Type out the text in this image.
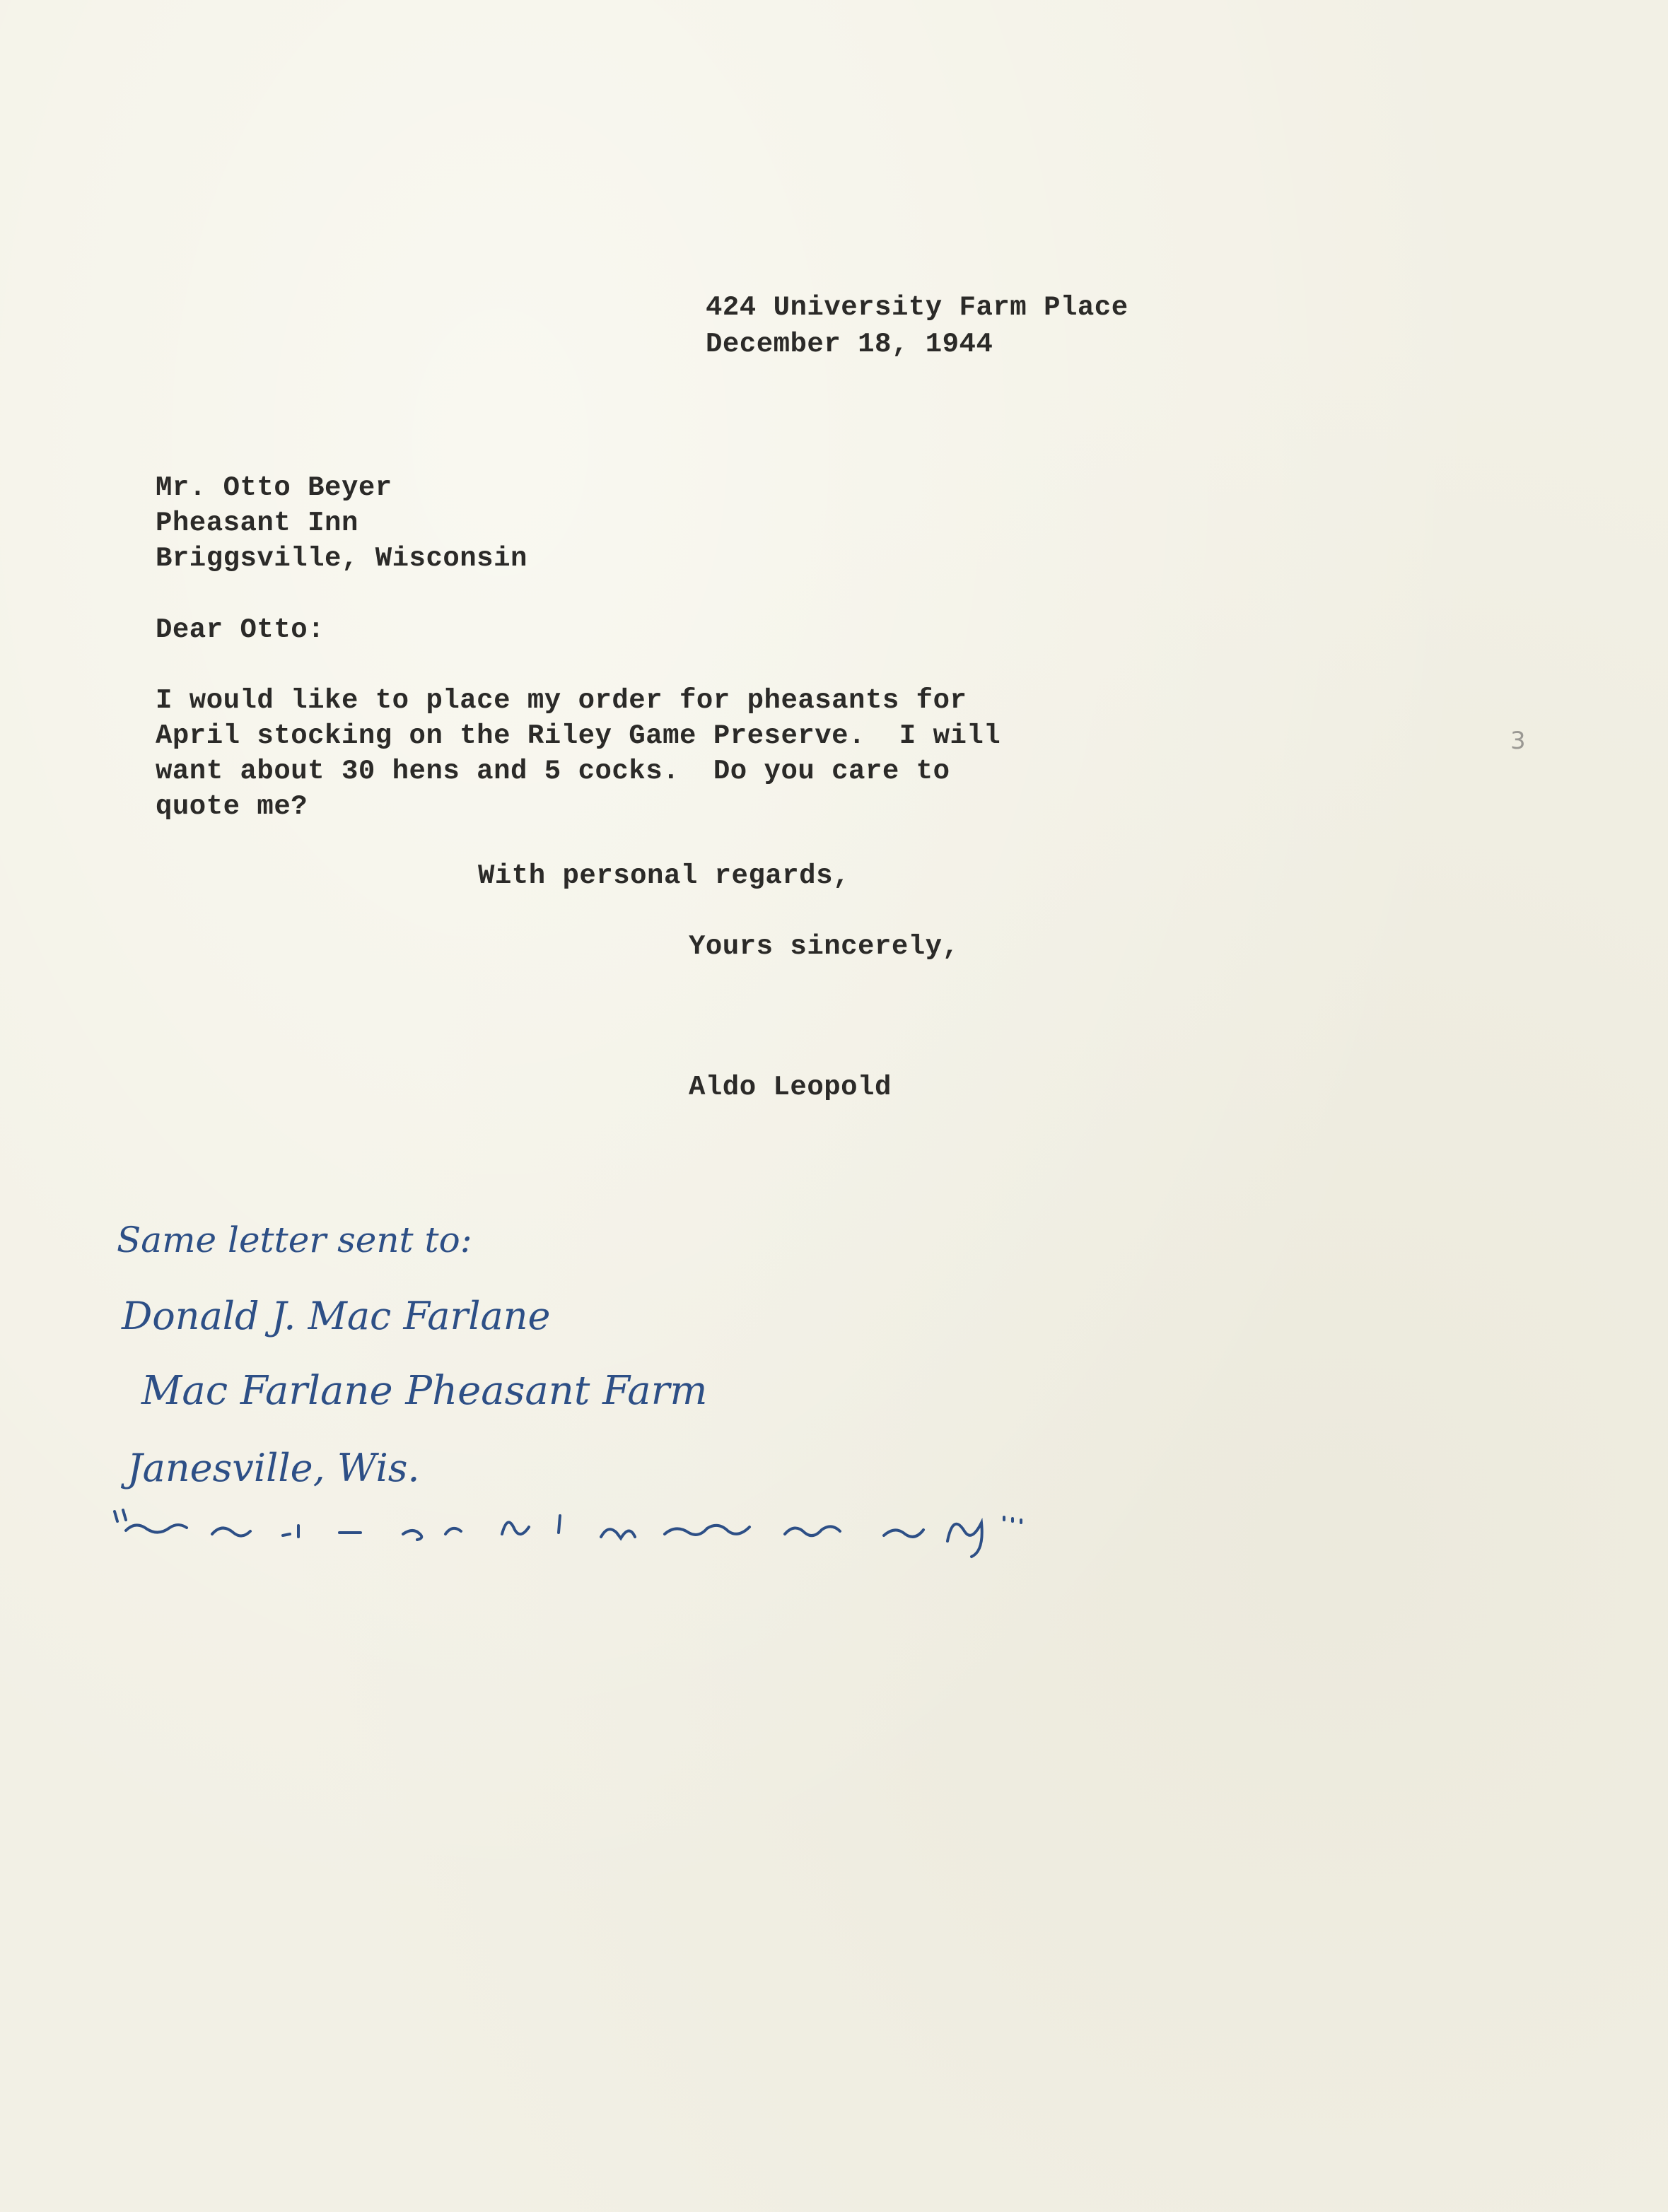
424 University Farm Place
December 18, 1944
Mr. Otto Beyer
Pheasant Inn
Briggsville, Wisconsin
Dear Otto:
I would like to place my order for pheasants for
April stocking on the Riley Game Preserve.  I will
want about 30 hens and 5 cocks.  Do you care to
quote me?
With personal regards,
Yours sincerely,
Aldo Leopold
3
Same letter sent to:
Donald J. Mac Farlane
Mac Farlane Pheasant Farm
Janesville, Wis.
